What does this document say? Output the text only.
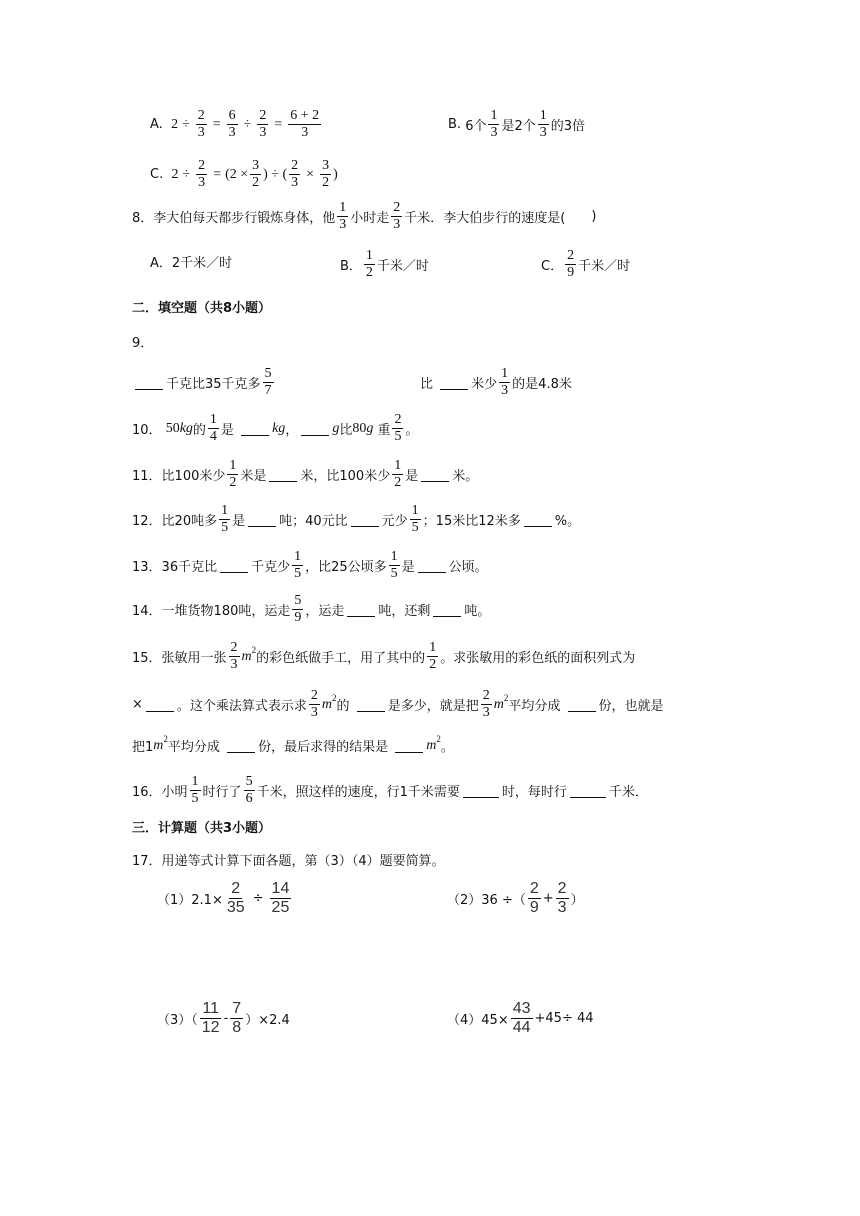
A.
$2 \div \frac{2}{3} = \frac{6}{3} \div \frac{2}{3} = \frac{6 + 2}{3}$	B.
6个 $\frac{1}{3}$ 是2个 $\frac{1}{3}$ 的3倍
C.
$2 \div \frac{2}{3} = (2 \times \frac{3}{2}$ ) ÷ ( $\frac{2}{3} \times \frac{3}{2}$ )
8．李大伯每天都步行锻炼身体，他 $\frac{1}{3}$ 小时走 $\frac{2}{3}$ 千米．李大伯步行的速度是( )
A．2千米／时	B． $\frac{1}{2}$ 千米／时	C． $\frac{2}{9}$ 千米／时
二．填空题（共8小题）
9．
千克比35千克多 $\frac{5}{7}$	比
	米少 $\frac{1}{3}$ 的是4.8米
10．
50 kg 的 $\frac{1}{4}$ 是
	kg ， g 比 80 g
重 $\frac{2}{5}$ 。
11．比100米少 $\frac{1}{2}$ 米是	米，比100米少 $\frac{1}{2}$ 是	米。
12．比20吨多 $\frac{1}{5}$ 是	吨；40元比	元少 $\frac{1}{5}$ ；15米比12米多	%。
13．36千克比	千克少 $\frac{1}{5}$ ，比25公顷多 $\frac{1}{5}$ 是	公顷。
14．一堆货物180吨，运走 $\frac{5}{9}$ ，运走	吨，还剩	吨。
15．张敏用一张 $\frac{2}{3}$ m 2
的彩色纸做手工，用了其中的 $\frac{1}{2}$ 。求张敏用的彩色纸的面积列式为
×	。这个乘法算式表示求 $\frac{2}{3}$ m 2
的
	是多少，就是把 $\frac{2}{3}$ m 2
平均分成
	份，也就是
把1 m 2
平均分成
	份，最后求得的结果是
	m 2
。
16．小明 $\frac{1}{5}$ 时行了 $\frac{5}{6}$ 千米，照这样的速度，行1千米需要	时，每时行	千米．
三．计算题（共3小题）
17．用递等式计算下面各题，第（3）（4）题要简算。
$(1)2.1\times \frac{2}{35} \div \frac{14}{25}$	（2）36 ÷（ $\frac{2}{9} + \frac{2}{3}$ ）
$(3)( \frac{11}{12} - \frac{7}{8} )\times 2.4$	$(4)45\times \frac{43}{44} +45\div 44$
